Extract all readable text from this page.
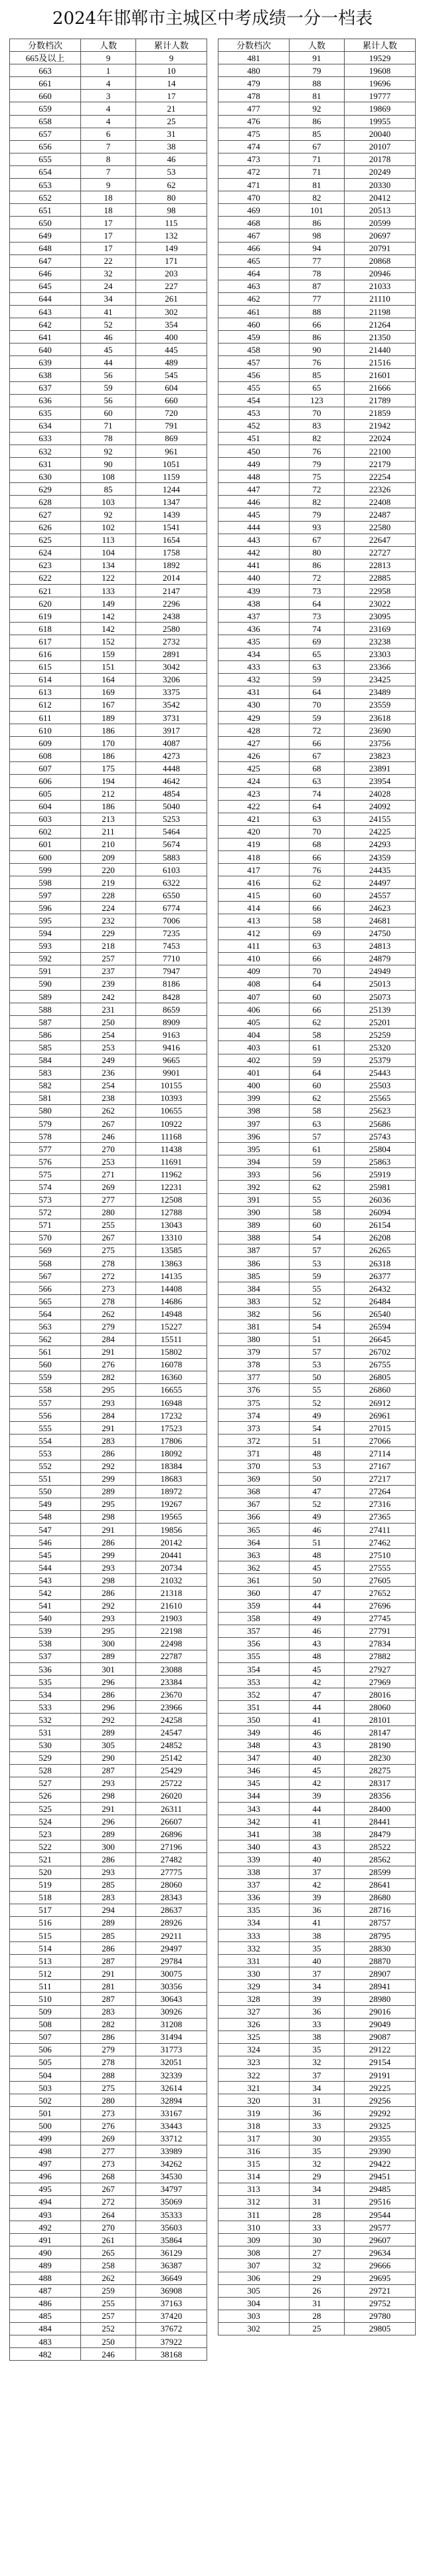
2024年邯郸市主城区中考成绩一分一档表
分数档次	人数	累计人数
665及以上	9	9
663	1	10
661	4	14
660	3	17
659	4	21
658	4	25
657	6	31
656	7	38
655	8	46
654	7	53
653	9	62
652	18	80
651	18	98
650	17	115
649	17	132
648	17	149
647	22	171
646	32	203
645	24	227
644	34	261
643	41	302
642	52	354
641	46	400
640	45	445
639	44	489
638	56	545
637	59	604
636	56	660
635	60	720
634	71	791
633	78	869
632	92	961
631	90	1051
630	108	1159
629	85	1244
628	103	1347
627	92	1439
626	102	1541
625	113	1654
624	104	1758
623	134	1892
622	122	2014
621	133	2147
620	149	2296
619	142	2438
618	142	2580
617	152	2732
616	159	2891
615	151	3042
614	164	3206
613	169	3375
612	167	3542
611	189	3731
610	186	3917
609	170	4087
608	186	4273
607	175	4448
606	194	4642
605	212	4854
604	186	5040
603	213	5253
602	211	5464
601	210	5674
600	209	5883
599	220	6103
598	219	6322
597	228	6550
596	224	6774
595	232	7006
594	229	7235
593	218	7453
592	257	7710
591	237	7947
590	239	8186
589	242	8428
588	231	8659
587	250	8909
586	254	9163
585	253	9416
584	249	9665
583	236	9901
582	254	10155
581	238	10393
580	262	10655
579	267	10922
578	246	11168
577	270	11438
576	253	11691
575	271	11962
574	269	12231
573	277	12508
572	280	12788
571	255	13043
570	267	13310
569	275	13585
568	278	13863
567	272	14135
566	273	14408
565	278	14686
564	262	14948
563	279	15227
562	284	15511
561	291	15802
560	276	16078
559	282	16360
558	295	16655
557	293	16948
556	284	17232
555	291	17523
554	283	17806
553	286	18092
552	292	18384
551	299	18683
550	289	18972
549	295	19267
548	298	19565
547	291	19856
546	286	20142
545	299	20441
544	293	20734
543	298	21032
542	286	21318
541	292	21610
540	293	21903
539	295	22198
538	300	22498
537	289	22787
536	301	23088
535	296	23384
534	286	23670
533	296	23966
532	292	24258
531	289	24547
530	305	24852
529	290	25142
528	287	25429
527	293	25722
526	298	26020
525	291	26311
524	296	26607
523	289	26896
522	300	27196
521	286	27482
520	293	27775
519	285	28060
518	283	28343
517	294	28637
516	289	28926
515	285	29211
514	286	29497
513	287	29784
512	291	30075
511	281	30356
510	287	30643
509	283	30926
508	282	31208
507	286	31494
506	279	31773
505	278	32051
504	288	32339
503	275	32614
502	280	32894
501	273	33167
500	276	33443
499	269	33712
498	277	33989
497	273	34262
496	268	34530
495	267	34797
494	272	35069
493	264	35333
492	270	35603
491	261	35864
490	265	36129
489	258	36387
488	262	36649
487	259	36908
486	255	37163
485	257	37420
484	252	37672
483	250	37922
482	246	38168
分数档次	人数	累计人数
481	91	19529
480	79	19608
479	88	19696
478	81	19777
477	92	19869
476	86	19955
475	85	20040
474	67	20107
473	71	20178
472	71	20249
471	81	20330
470	82	20412
469	101	20513
468	86	20599
467	98	20697
466	94	20791
465	77	20868
464	78	20946
463	87	21033
462	77	21110
461	88	21198
460	66	21264
459	86	21350
458	90	21440
457	76	21516
456	85	21601
455	65	21666
454	123	21789
453	70	21859
452	83	21942
451	82	22024
450	76	22100
449	79	22179
448	75	22254
447	72	22326
446	82	22408
445	79	22487
444	93	22580
443	67	22647
442	80	22727
441	86	22813
440	72	22885
439	73	22958
438	64	23022
437	73	23095
436	74	23169
435	69	23238
434	65	23303
433	63	23366
432	59	23425
431	64	23489
430	70	23559
429	59	23618
428	72	23690
427	66	23756
426	67	23823
425	68	23891
424	63	23954
423	74	24028
422	64	24092
421	63	24155
420	70	24225
419	68	24293
418	66	24359
417	76	24435
416	62	24497
415	60	24557
414	66	24623
413	58	24681
412	69	24750
411	63	24813
410	66	24879
409	70	24949
408	64	25013
407	60	25073
406	66	25139
405	62	25201
404	58	25259
403	61	25320
402	59	25379
401	64	25443
400	60	25503
399	62	25565
398	58	25623
397	63	25686
396	57	25743
395	61	25804
394	59	25863
393	56	25919
392	62	25981
391	55	26036
390	58	26094
389	60	26154
388	54	26208
387	57	26265
386	53	26318
385	59	26377
384	55	26432
383	52	26484
382	56	26540
381	54	26594
380	51	26645
379	57	26702
378	53	26755
377	50	26805
376	55	26860
375	52	26912
374	49	26961
373	54	27015
372	51	27066
371	48	27114
370	53	27167
369	50	27217
368	47	27264
367	52	27316
366	49	27365
365	46	27411
364	51	27462
363	48	27510
362	45	27555
361	50	27605
360	47	27652
359	44	27696
358	49	27745
357	46	27791
356	43	27834
355	48	27882
354	45	27927
353	42	27969
352	47	28016
351	44	28060
350	41	28101
349	46	28147
348	43	28190
347	40	28230
346	45	28275
345	42	28317
344	39	28356
343	44	28400
342	41	28441
341	38	28479
340	43	28522
339	40	28562
338	37	28599
337	42	28641
336	39	28680
335	36	28716
334	41	28757
333	38	28795
332	35	28830
331	40	28870
330	37	28907
329	34	28941
328	39	28980
327	36	29016
326	33	29049
325	38	29087
324	35	29122
323	32	29154
322	37	29191
321	34	29225
320	31	29256
319	36	29292
318	33	29325
317	30	29355
316	35	29390
315	32	29422
314	29	29451
313	34	29485
312	31	29516
311	28	29544
310	33	29577
309	30	29607
308	27	29634
307	32	29666
306	29	29695
305	26	29721
304	31	29752
303	28	29780
302	25	29805
